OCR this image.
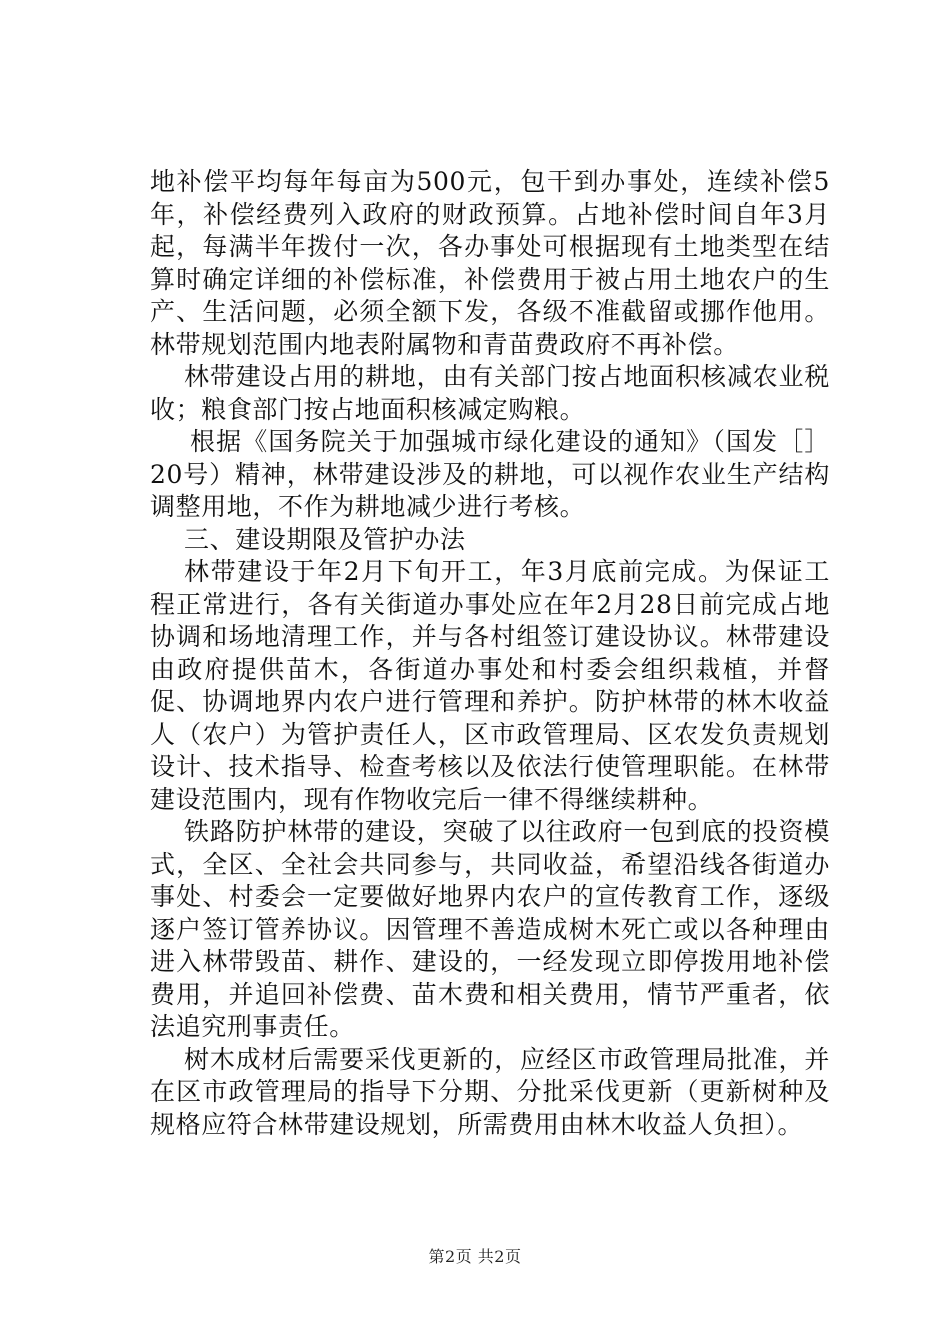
地补偿平均每年每亩为500元，包干到办事处，连续补偿5年，补偿经费列入政府的财政预算。占地补偿时间自年3月起，每满半年拨付一次，各办事处可根据现有土地类型在结算时确定详细的补偿标准，补偿费用于被占用土地农户的生产、生活问题，必须全额下发，各级不准截留或挪作他用。林带规划范围内地表附属物和青苗费政府不再补偿。

林带建设占用的耕地，由有关部门按占地面积核减农业税收；粮食部门按占地面积核减定购粮。

根据《国务院关于加强城市绿化建设的通知》（国发［］20号）精神，林带建设涉及的耕地，可以视作农业生产结构调整用地，不作为耕地减少进行考核。

三、建设期限及管护办法

林带建设于年2月下旬开工，年3月底前完成。为保证工程正常进行，各有关街道办事处应在年2月28日前完成占地协调和场地清理工作，并与各村组签订建设协议。林带建设由政府提供苗木，各街道办事处和村委会组织栽植，并督促、协调地界内农户进行管理和养护。防护林带的林木收益人（农户）为管护责任人，区市政管理局、区农发负责规划设计、技术指导、检查考核以及依法行使管理职能。在林带建设范围内，现有作物收完后一律不得继续耕种。

铁路防护林带的建设，突破了以往政府一包到底的投资模式，全区、全社会共同参与，共同收益，希望沿线各街道办事处、村委会一定要做好地界内农户的宣传教育工作，逐级逐户签订管养协议。因管理不善造成树木死亡或以各种理由进入林带毁苗、耕作、建设的，一经发现立即停拨用地补偿费用，并追回补偿费、苗木费和相关费用，情节严重者，依法追究刑事责任。

树木成材后需要采伐更新的，应经区市政管理局批准，并在区市政管理局的指导下分期、分批采伐更新（更新树种及规格应符合林带建设规划，所需费用由林木收益人负担）。

第2页 共2页
